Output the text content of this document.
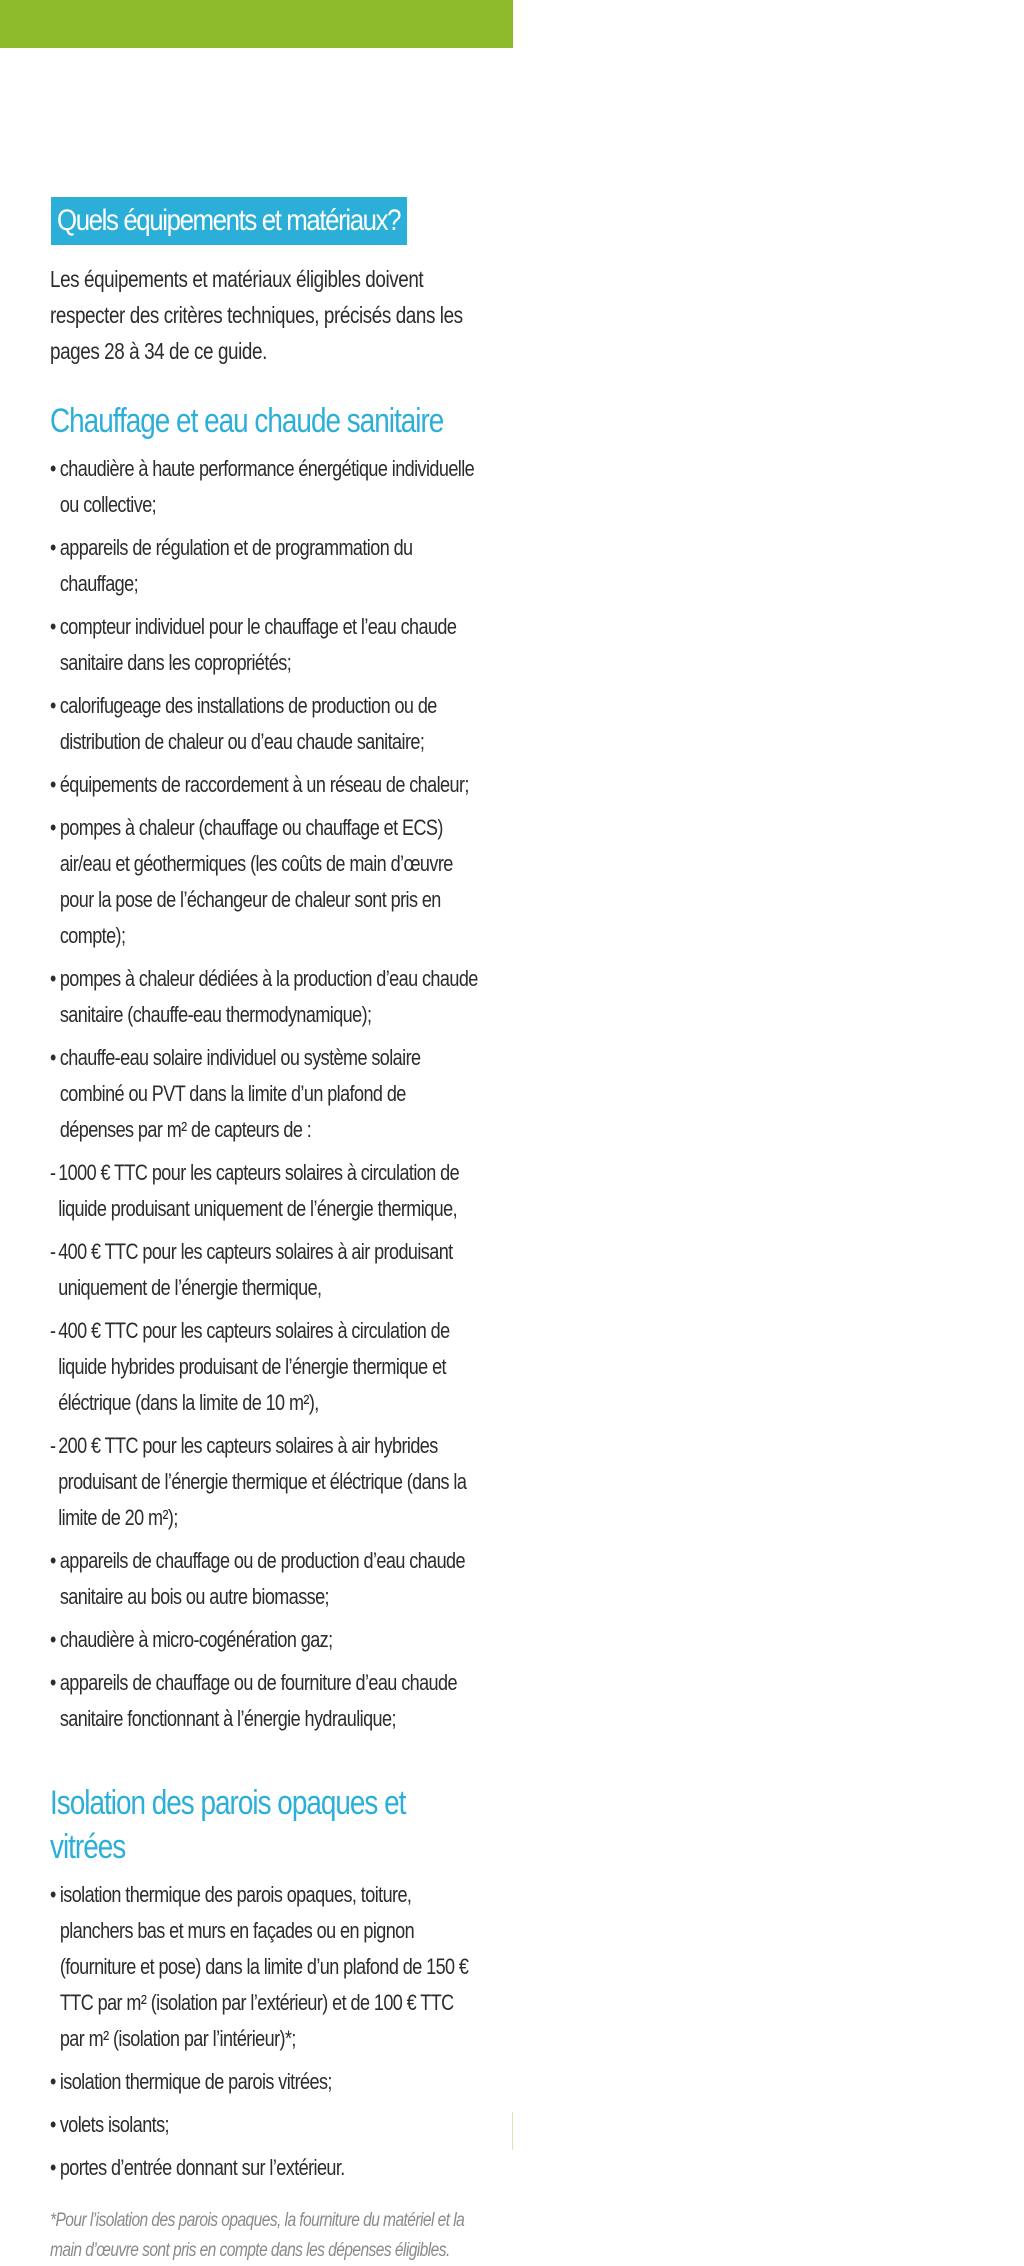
Quels équipements et matériaux?
Les équipements et matériaux éligibles doivent respecter des critères techniques, précisés dans les pages 28 à 34 de ce guide.
Chauffage et eau chaude sanitaire
• chaudière à haute performance énergétique individuelle ou collective;
• appareils de régulation et de programmation du chauffage;
• compteur individuel pour le chauffage et l’eau chaude sanitaire dans les copropriétés;
• calorifugeage des installations de production ou de distribution de chaleur ou d’eau chaude sanitaire;
• équipements de raccordement à un réseau de chaleur;
• pompes à chaleur (chauffage ou chauffage et ECS) air/eau et géothermiques (les coûts de main d’œuvre pour la pose de l’échangeur de chaleur sont pris en compte);
• pompes à chaleur dédiées à la production d’eau chaude sanitaire (chauffe-eau thermodynamique);
• chauffe-eau solaire individuel ou système solaire combiné ou PVT dans la limite d’un plafond de dépenses par m² de capteurs de :
- 1000 € TTC pour les capteurs solaires à circulation de liquide produisant uniquement de l’énergie thermique,
- 400 € TTC pour les capteurs solaires à air produisant uniquement de l’énergie thermique,
- 400 € TTC pour les capteurs solaires à circulation de liquide hybrides produisant de l’énergie thermique et éléctrique (dans la limite de 10 m²),
- 200 € TTC pour les capteurs solaires à air hybrides produisant de l’énergie thermique et éléctrique (dans la limite de 20 m²);
• appareils de chauffage ou de production d’eau chaude sanitaire au bois ou autre biomasse;
• chaudière à micro-cogénération gaz;
• appareils de chauffage ou de fourniture d’eau chaude sanitaire fonctionnant à l’énergie hydraulique;
Isolation des parois opaques et vitrées
• isolation thermique des parois opaques, toiture, planchers bas et murs en façades ou en pignon (fourniture et pose) dans la limite d’un plafond de 150 € TTC par m² (isolation par l’extérieur) et de 100 € TTC par m² (isolation par l’intérieur)*;
• isolation thermique de parois vitrées;
• volets isolants;
• portes d’entrée donnant sur l’extérieur.
*Pour l’isolation des parois opaques, la fourniture du matériel et la main d’œuvre sont pris en compte dans les dépenses éligibles.
